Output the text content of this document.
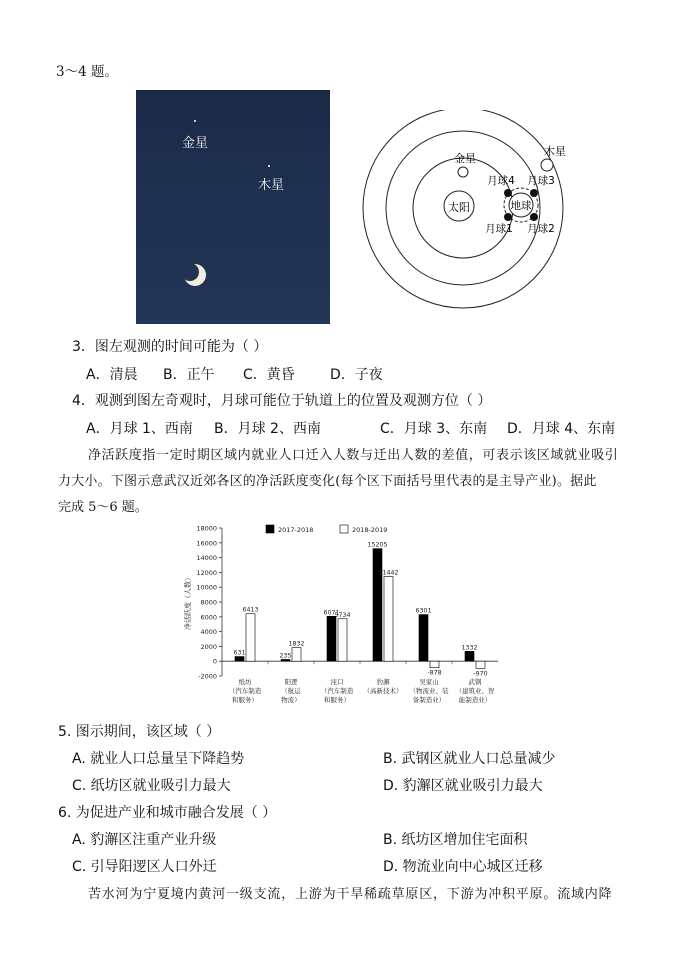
3～4 题。
金星
木星
太阳
金星
木星
地球
月球4 月球3
月球1 月球2
3．图左观测的时间可能为（ ）
A．清晨 B．正午 C．黄昏	D．子夜
4．观测到图左奇观时，月球可能位于轨道上的位置及观测方位（ ）
A．月球 1、西南 B．月球 2、西南	C．月球 3、东南 D．月球 4、东南
净活跃度指一定时期区域内就业人口迁入人数与迁出人数的差值，可表示该区域就业吸引
力大小。下图示意武汉近郊各区的净活跃度变化(每个区下面括号里代表的是主导产业)。据此
完成 5～6 题。
-2000
0
2000
4000
6000
8000
10000
12000
14000
16000
18000
净活跃度（人数）
2017-2018	2018-2019
631
6413
纸坊
（汽车制造
和服务）
235
1832
阳逻
（航运
物流）
6071
5734
沌口
（汽车制造
和服务）
15205
11442
豹澥
（高新技术）
6301
-878
吴家山
（物流业、装
备制造业）
1332
-970
武钢
（建筑业、智
能制造业）
5. 图示期间，该区域（ ）
A. 就业人口总量呈下降趋势	B. 武钢区就业人口总量减少
C. 纸坊区就业吸引力最大	D. 豹澥区就业吸引力最大
6. 为促进产业和城市融合发展（ ）
A. 豹澥区注重产业升级	B. 纸坊区增加住宅面积
C. 引导阳逻区人口外迁	D. 物流业向中心城区迁移
苦水河为宁夏境内黄河一级支流，上游为干旱稀疏草原区，下游为冲积平原。流域内降
